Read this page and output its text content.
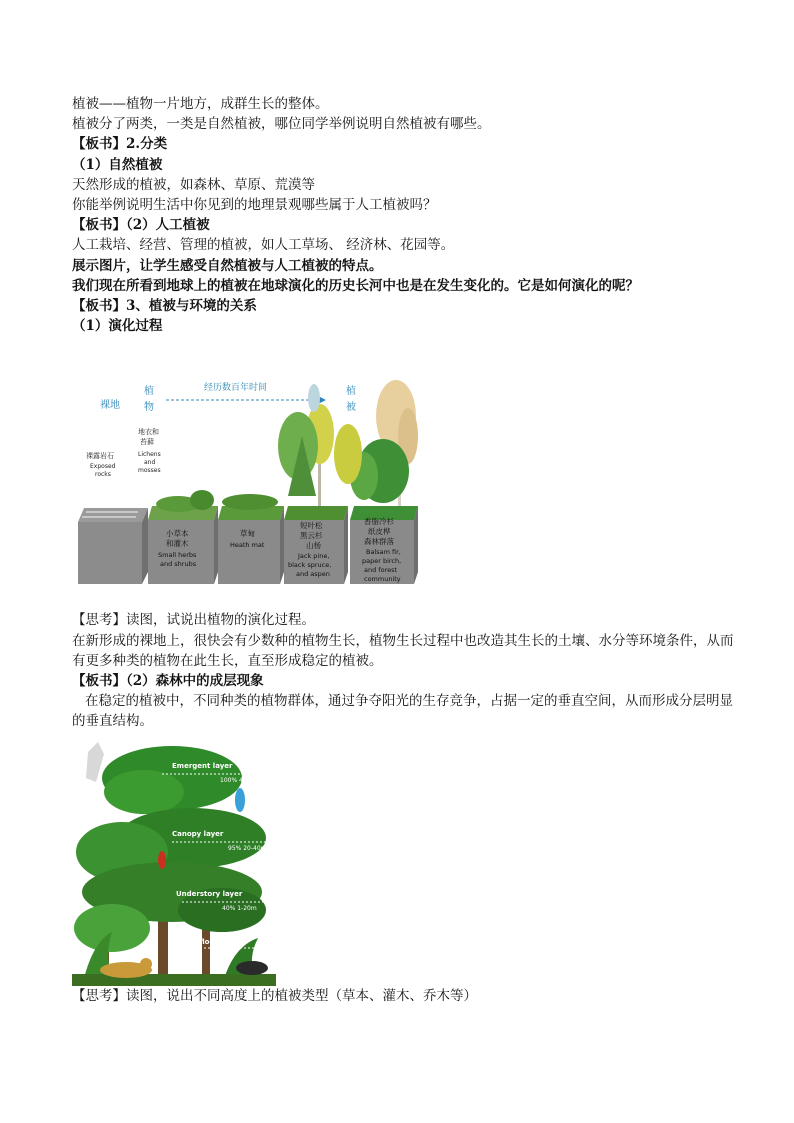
植被——植物一片地方，成群生长的整体。
植被分了两类，一类是自然植被，哪位同学举例说明自然植被有哪些。
【板书】2.分类
（1）自然植被
天然形成的植被，如森林、草原、荒漠等
你能举例说明生活中你见到的地理景观哪些属于人工植被吗？
【板书】（2）人工植被
人工栽培、经营、管理的植被，如人工草场、 经济林、花园等。
展示图片，让学生感受自然植被与人工植被的特点。
我们现在所看到地球上的植被在地球演化的历史长河中也是在发生变化的。它是如何演化的呢？
【板书】3、植被与环境的关系
（1）演化过程
裸地
植
物
经历数百年时间	植
被
地衣和
苔藓
Lichens
and
mosses
裸露岩石
Exposed
rocks
小草本
和灌木
Small herbs
and shrubs
草甸
Heath mat
短叶松
黑云杉
山杨
Jack pine,
black spruce,
and aspen
香脂冷杉
纸皮桦
森林群落
Balsam fir,
paper birch,
and forest
community
【思考】读图，试说出植物的演化过程。
在新形成的裸地上，很快会有少数种的植物生长，植物生长过程中也改造其生长的土壤、水分等环境条件，从而有更多种类的植物在此生长，直至形成稳定的植被。
【板书】（2）森林中的成层现象
在稳定的植被中，不同种类的植物群体，通过争夺阳光的生存竞争，占据一定的垂直空间，从而形成分层明显的垂直结构。
Emergent layer
100% 40-60m
Canopy layer
95% 20-40m
Understory layer
40% 1-20m
Forest floor
【思考】读图，说出不同高度上的植被类型（草本、灌木、乔木等）
